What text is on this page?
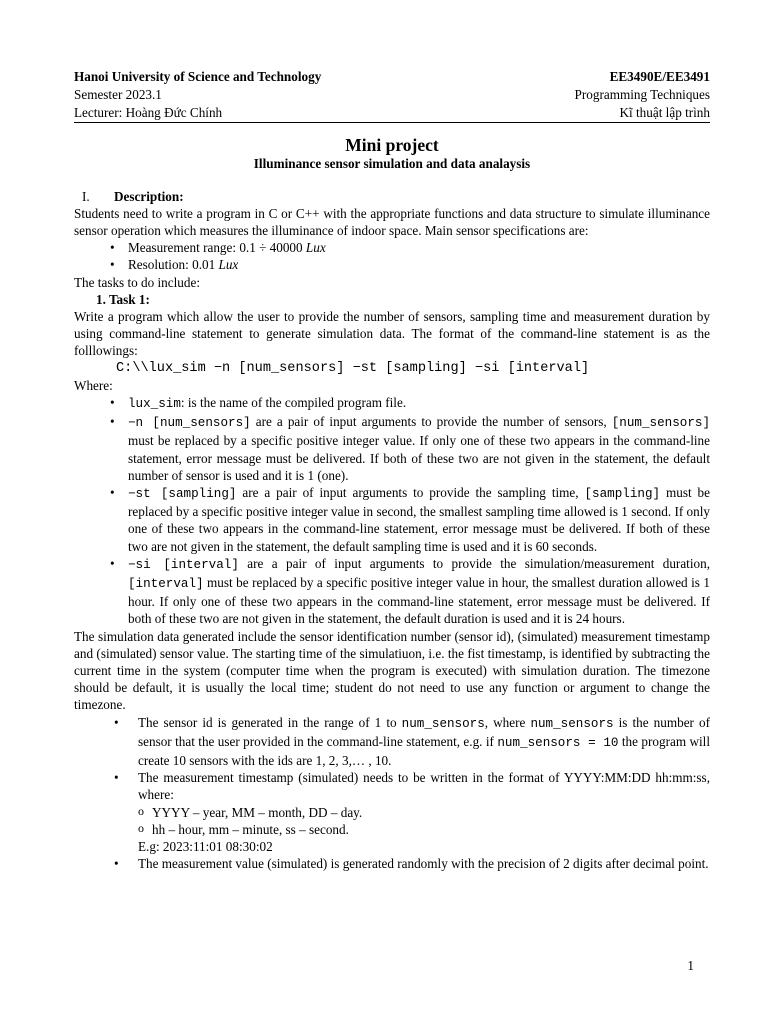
Hanoi University of Science and Technology	EE3490E/EE3491
Semester 2023.1	Programming Techniques
Lecturer: Hoàng Đức Chính	Kĩ thuật lập trình
Mini project
Illuminance sensor simulation and data analaysis
I.	Description:

Students need to write a program in C or C++ with the appropriate functions and data structure to simulate illuminance sensor operation which measures the illuminance of indoor space. Main sensor specifications are:

• Measurement range: 0.1 ÷ 40000 Lux
• Resolution: 0.01 Lux

The tasks to do include:

1. Task 1:

Write a program which allow the user to provide the number of sensors, sampling time and measurement duration by using command-line statement to generate simulation data. The format of the command-line statement is as the folllowings:

C:\\lux_sim −n [num_sensors] −st [sampling] −si [interval]

Where:

• lux_sim: is the name of the compiled program file.
• −n [num_sensors] are a pair of input arguments to provide the number of sensors, [num_sensors] must be replaced by a specific positive integer value. If only one of these two appears in the command-line statement, error message must be delivered. If both of these two are not given in the statement, the default number of sensor is used and it is 1 (one).
• −st [sampling] are a pair of input arguments to provide the sampling time, [sampling] must be replaced by a specific positive integer value in second, the smallest sampling time allowed is 1 second. If only one of these two appears in the command-line statement, error message must be delivered. If both of these two are not given in the statement, the default sampling time is used and it is 60 seconds.
• −si [interval] are a pair of input arguments to provide the simulation/measurement duration, [interval] must be replaced by a specific positive integer value in hour, the smallest duration allowed is 1 hour. If only one of these two appears in the command-line statement, error message must be delivered. If both of these two are not given in the statement, the default duration is used and it is 24 hours.

The simulation data generated include the sensor identification number (sensor id), (simulated) measurement timestamp and (simulated) sensor value. The starting time of the simulatiuon, i.e. the fist timestamp, is identified by subtracting the current time in the system (computer time when the program is executed) with simulation duration. The timezone should be default, it is usually the local time; student do not need to use any function or argument to change the timezone.

• The sensor id is generated in the range of 1 to num_sensors, where num_sensors is the number of sensor that the user provided in the command-line statement, e.g. if num_sensors = 10 the program will create 10 sensors with the ids are 1, 2, 3,… , 10.
• The measurement timestamp (simulated) needs to be written in the format of YYYY:MM:DD hh:mm:ss, where:
o YYYY – year, MM – month, DD – day.
o hh – hour, mm – minute, ss – second.
E.g: 2023:11:01 08:30:02
• The measurement value (simulated) is generated randomly with the precision of 2 digits after decimal point.
1
